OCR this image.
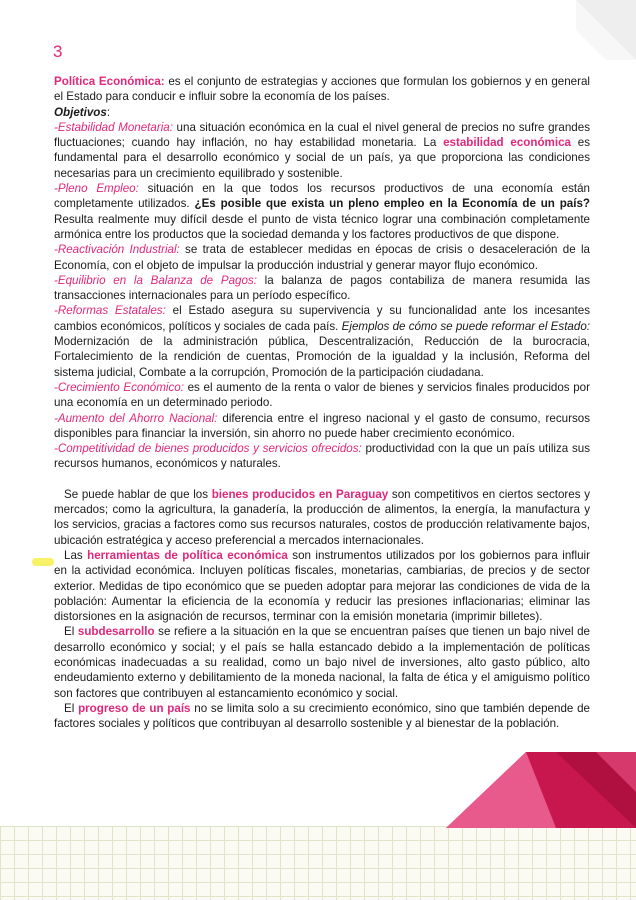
3

Política Económica: es el conjunto de estrategias y acciones que formulan los gobiernos y en general el Estado para conducir e influir sobre la economía de los países.

Objetivos:

-Estabilidad Monetaria: una situación económica en la cual el nivel general de precios no sufre grandes fluctuaciones; cuando hay inflación, no hay estabilidad monetaria. La estabilidad económica es fundamental para el desarrollo económico y social de un país, ya que proporciona las condiciones necesarias para un crecimiento equilibrado y sostenible.

-Pleno Empleo: situación en la que todos los recursos productivos de una economía están completamente utilizados. ¿Es posible que exista un pleno empleo en la Economía de un país? Resulta realmente muy difícil desde el punto de vista técnico lograr una combinación completamente armónica entre los productos que la sociedad demanda y los factores productivos de que dispone.

-Reactivación Industrial: se trata de establecer medidas en épocas de crisis o desaceleración de la Economía, con el objeto de impulsar la producción industrial y generar mayor flujo económico.

-Equilibrio en la Balanza de Pagos: la balanza de pagos contabiliza de manera resumida las transacciones internacionales para un período específico.

-Reformas Estatales: el Estado asegura su supervivencia y su funcionalidad ante los incesantes cambios económicos, políticos y sociales de cada país. Ejemplos de cómo se puede reformar el Estado: Modernización de la administración pública, Descentralización, Reducción de la burocracia, Fortalecimiento de la rendición de cuentas, Promoción de la igualdad y la inclusión, Reforma del sistema judicial, Combate a la corrupción, Promoción de la participación ciudadana.

-Crecimiento Económico: es el aumento de la renta o valor de bienes y servicios finales producidos por una economía en un determinado periodo.

-Aumento del Ahorro Nacional: diferencia entre el ingreso nacional y el gasto de consumo, recursos disponibles para financiar la inversión, sin ahorro no puede haber crecimiento económico.

-Competitividad de bienes producidos y servicios ofrecidos: productividad con la que un país utiliza sus recursos humanos, económicos y naturales.

Se puede hablar de que los bienes producidos en Paraguay son competitivos en ciertos sectores y mercados; como la agricultura, la ganadería, la producción de alimentos, la energía, la manufactura y los servicios, gracias a factores como sus recursos naturales, costos de producción relativamente bajos, ubicación estratégica y acceso preferencial a mercados internacionales.

Las herramientas de política económica son instrumentos utilizados por los gobiernos para influir en la actividad económica. Incluyen políticas fiscales, monetarias, cambiarias, de precios y de sector exterior. Medidas de tipo económico que se pueden adoptar para mejorar las condiciones de vida de la población: Aumentar la eficiencia de la economía y reducir las presiones inflacionarias; eliminar las distorsiones en la asignación de recursos, terminar con la emisión monetaria (imprimir billetes).

El subdesarrollo se refiere a la situación en la que se encuentran países que tienen un bajo nivel de desarrollo económico y social; y el país se halla estancado debido a la implementación de políticas económicas inadecuadas a su realidad, como un bajo nivel de inversiones, alto gasto público, alto endeudamiento externo y debilitamiento de la moneda nacional, la falta de ética y el amiguismo político son factores que contribuyen al estancamiento económico y social.

El progreso de un país no se limita solo a su crecimiento económico, sino que también depende de factores sociales y políticos que contribuyan al desarrollo sostenible y al bienestar de la población.
